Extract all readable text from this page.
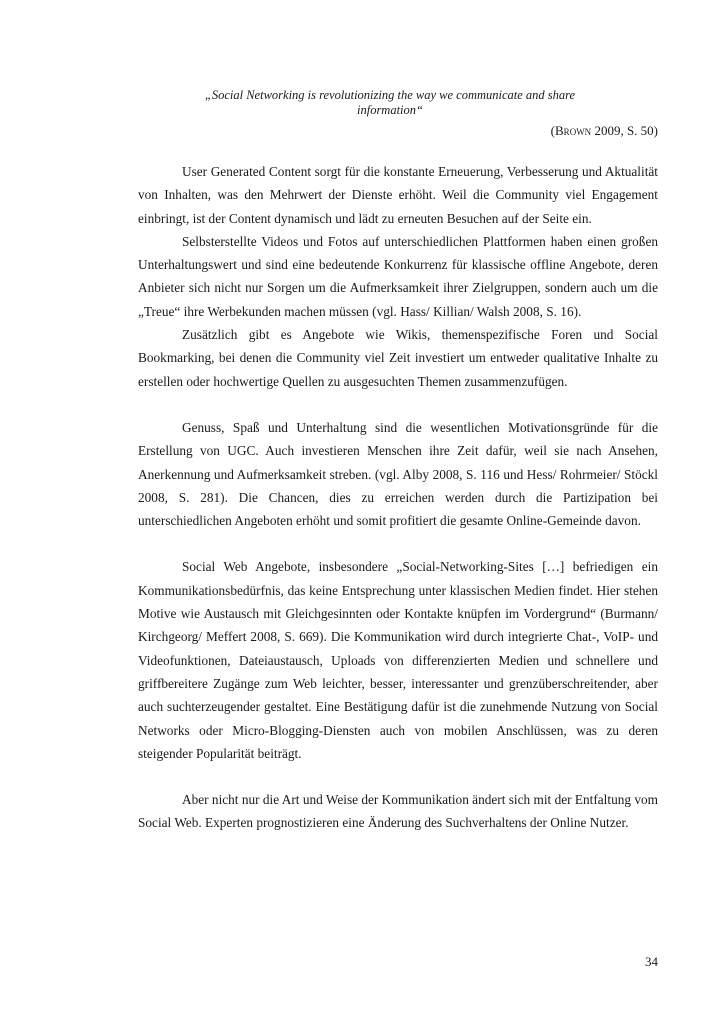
„Social Networking is revolutionizing the way we communicate and share information“
(Brown 2009, S. 50)

User Generated Content sorgt für die konstante Erneuerung, Verbesserung und Aktualität von Inhalten, was den Mehrwert der Dienste erhöht. Weil die Community viel Engagement einbringt, ist der Content dynamisch und lädt zu erneuten Besuchen auf der Seite ein.

Selbsterstellte Videos und Fotos auf unterschiedlichen Plattformen haben einen großen Unterhaltungswert und sind eine bedeutende Konkurrenz für klassische offline Angebote, deren Anbieter sich nicht nur Sorgen um die Aufmerksamkeit ihrer Zielgruppen, sondern auch um die „Treue“ ihre Werbekunden machen müssen (vgl. Hass/ Killian/ Walsh 2008, S. 16).

Zusätzlich gibt es Angebote wie Wikis, themenspezifische Foren und Social Bookmarking, bei denen die Community viel Zeit investiert um entweder qualitative Inhalte zu erstellen oder hochwertige Quellen zu ausgesuchten Themen zusammenzufügen.

Genuss, Spaß und Unterhaltung sind die wesentlichen Motivationsgründe für die Erstellung von UGC. Auch investieren Menschen ihre Zeit dafür, weil sie nach Ansehen, Anerkennung und Aufmerksamkeit streben. (vgl. Alby 2008, S. 116 und Hess/ Rohrmeier/ Stöckl 2008, S. 281). Die Chancen, dies zu erreichen werden durch die Partizipation bei unterschiedlichen Angeboten erhöht und somit profitiert die gesamte Online-Gemeinde davon.

Social Web Angebote, insbesondere „Social-Networking-Sites […] befriedigen ein Kommunikationsbedürfnis, das keine Entsprechung unter klassischen Medien findet. Hier stehen Motive wie Austausch mit Gleichgesinnten oder Kontakte knüpfen im Vordergrund“ (Burmann/ Kirchgeorg/ Meffert 2008, S. 669). Die Kommunikation wird durch integrierte Chat-, VoIP- und Videofunktionen, Dateiaustausch, Uploads von differenzierten Medien und schnellere und griffbereitere Zugänge zum Web leichter, besser, interessanter und grenzüberschreitender, aber auch suchterzeugender gestaltet. Eine Bestätigung dafür ist die zunehmende Nutzung von Social Networks oder Micro-Blogging-Diensten auch von mobilen Anschlüssen, was zu deren steigender Popularität beiträgt.

Aber nicht nur die Art und Weise der Kommunikation ändert sich mit der Entfaltung vom Social Web. Experten prognostizieren eine Änderung des Suchverhaltens der Online Nutzer.

34
